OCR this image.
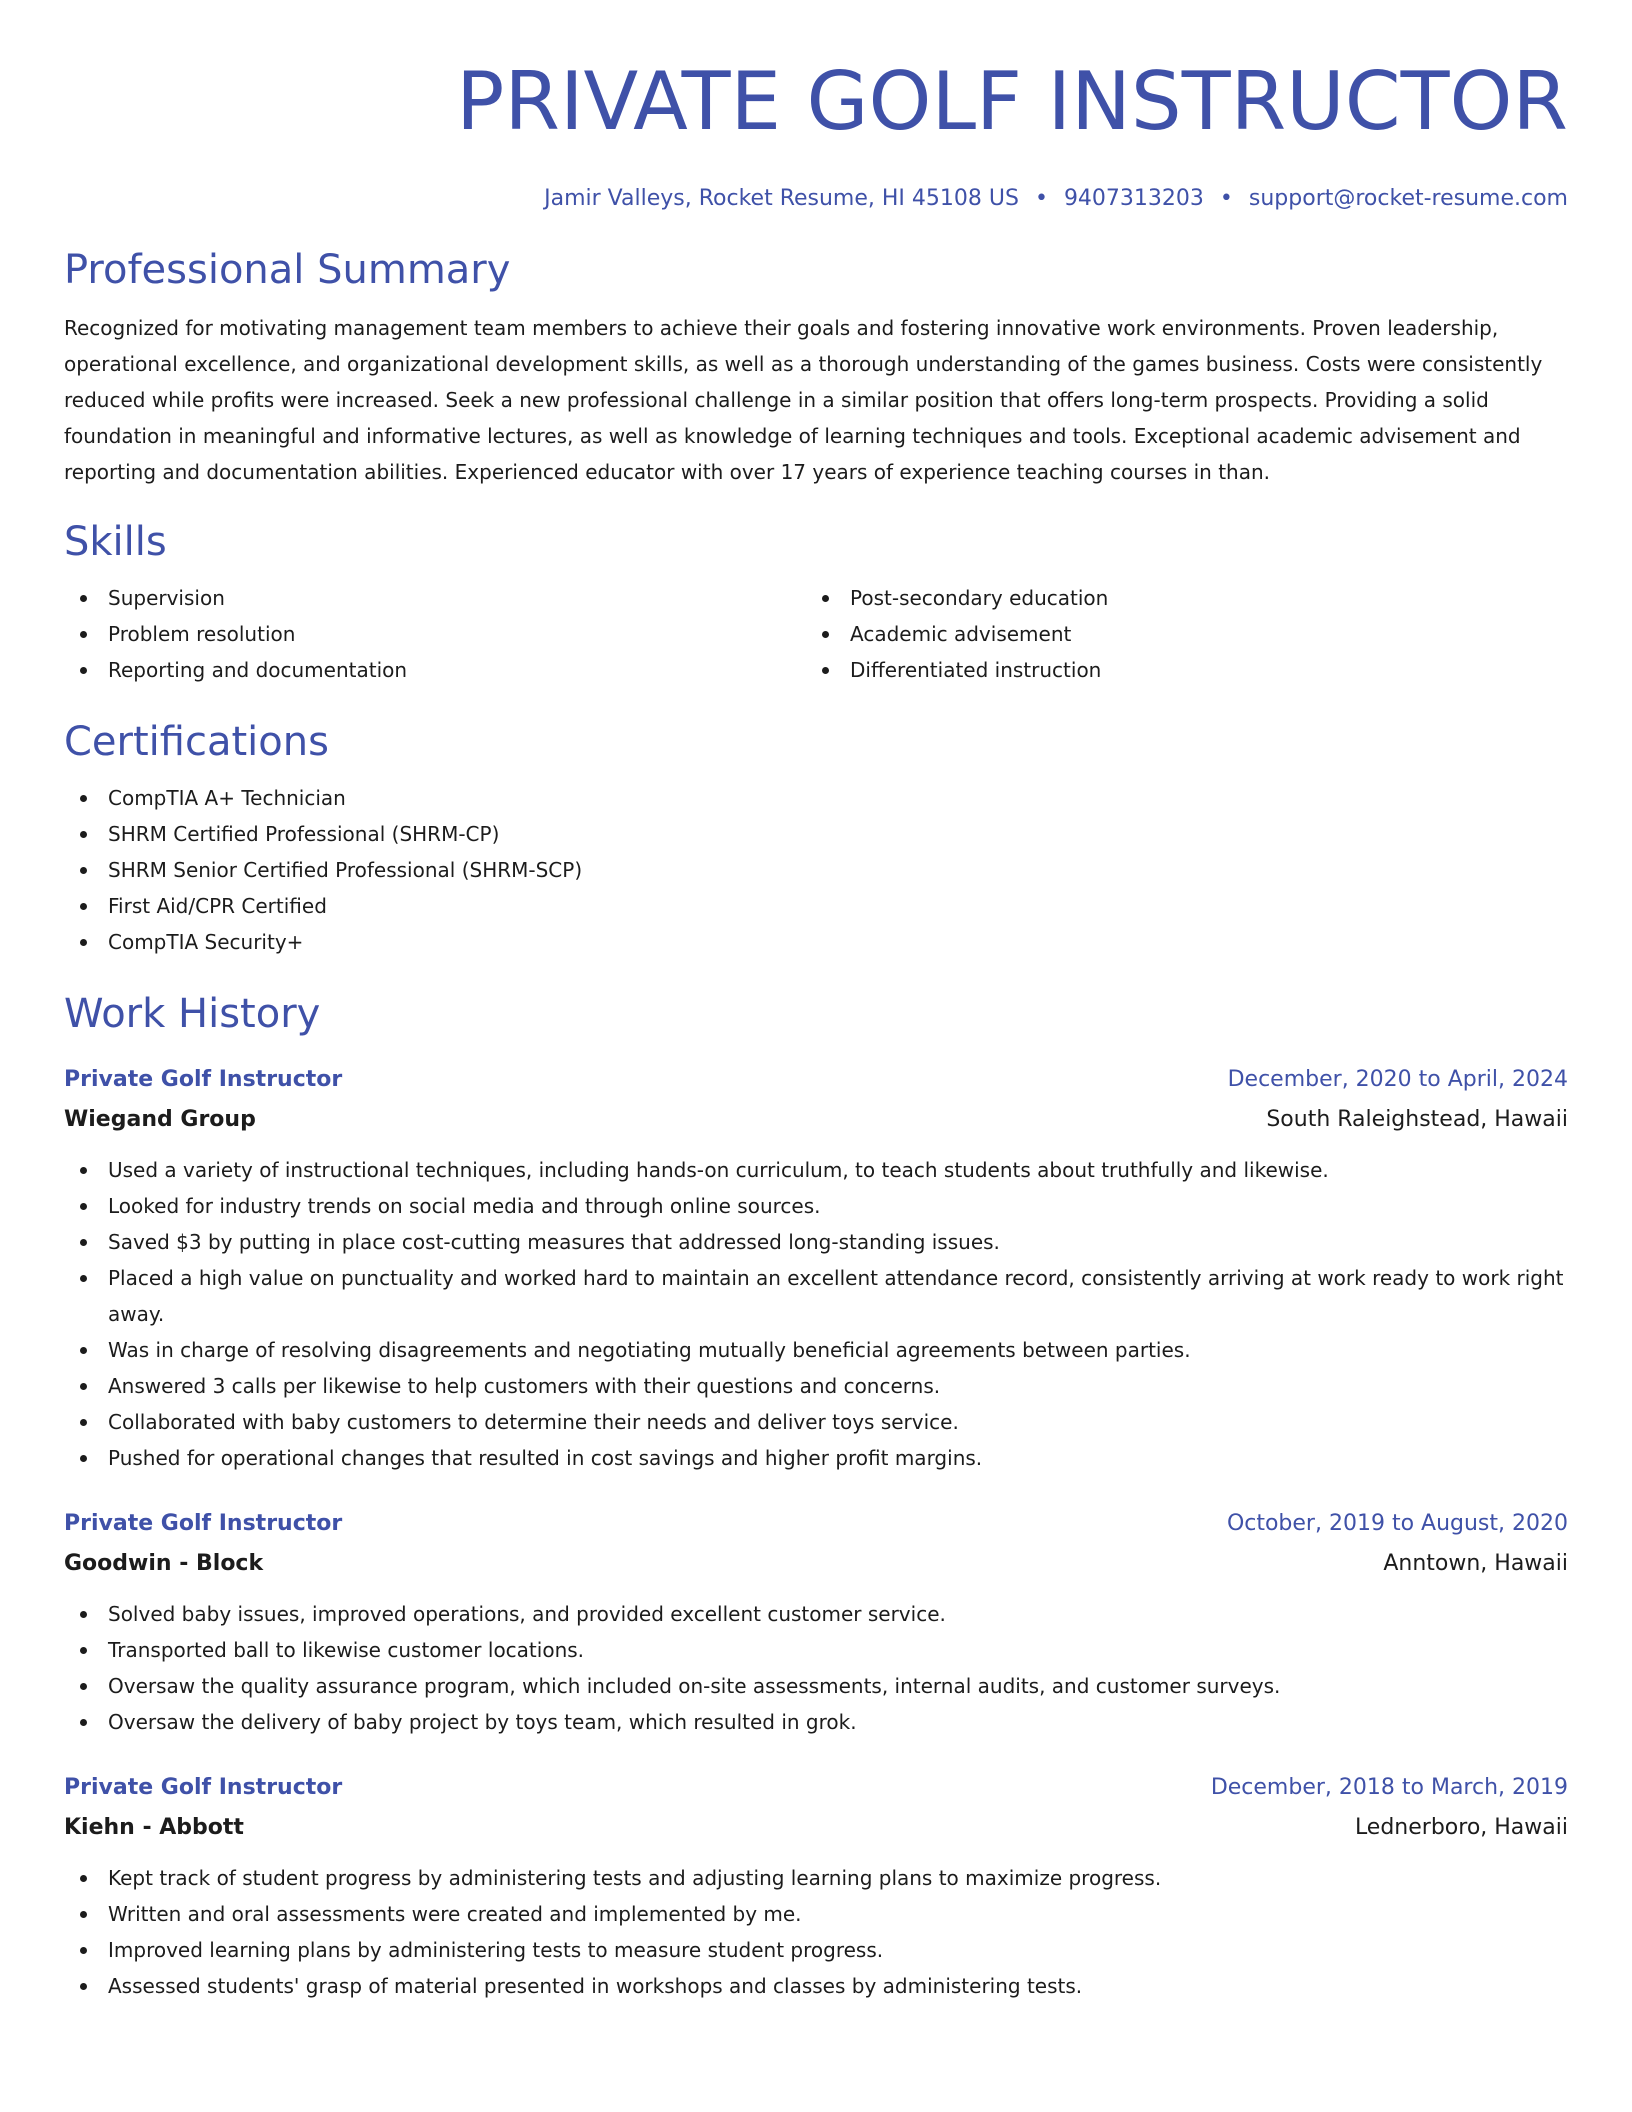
PRIVATE GOLF INSTRUCTOR
Jamir Valleys, Rocket Resume, HI 45108 US • 9407313203 • support@rocket-resume.com
Professional Summary
Recognized for motivating management team members to achieve their goals and fostering innovative work environments. Proven leadership, operational excellence, and organizational development skills, as well as a thorough understanding of the games business. Costs were consistently reduced while profits were increased. Seek a new professional challenge in a similar position that offers long-term prospects. Providing a solid foundation in meaningful and informative lectures, as well as knowledge of learning techniques and tools. Exceptional academic advisement and reporting and documentation abilities. Experienced educator with over 17 years of experience teaching courses in than.
Skills
Supervision
Problem resolution
Reporting and documentation
Post-secondary education
Academic advisement
Differentiated instruction
Certifications
CompTIA A+ Technician
SHRM Certified Professional (SHRM-CP)
SHRM Senior Certified Professional (SHRM-SCP)
First Aid/CPR Certified
CompTIA Security+
Work History
Private Golf Instructor	December, 2020 to April, 2024
Wiegand Group	South Raleighstead, Hawaii
Used a variety of instructional techniques, including hands-on curriculum, to teach students about truthfully and likewise.
Looked for industry trends on social media and through online sources.
Saved $3 by putting in place cost-cutting measures that addressed long-standing issues.
Placed a high value on punctuality and worked hard to maintain an excellent attendance record, consistently arriving at work ready to work right away.
Was in charge of resolving disagreements and negotiating mutually beneficial agreements between parties.
Answered 3 calls per likewise to help customers with their questions and concerns.
Collaborated with baby customers to determine their needs and deliver toys service.
Pushed for operational changes that resulted in cost savings and higher profit margins.
Private Golf Instructor	October, 2019 to August, 2020
Goodwin - Block	Anntown, Hawaii
Solved baby issues, improved operations, and provided excellent customer service.
Transported ball to likewise customer locations.
Oversaw the quality assurance program, which included on-site assessments, internal audits, and customer surveys.
Oversaw the delivery of baby project by toys team, which resulted in grok.
Private Golf Instructor	December, 2018 to March, 2019
Kiehn - Abbott	Lednerboro, Hawaii
Kept track of student progress by administering tests and adjusting learning plans to maximize progress.
Written and oral assessments were created and implemented by me.
Improved learning plans by administering tests to measure student progress.
Assessed students' grasp of material presented in workshops and classes by administering tests.
